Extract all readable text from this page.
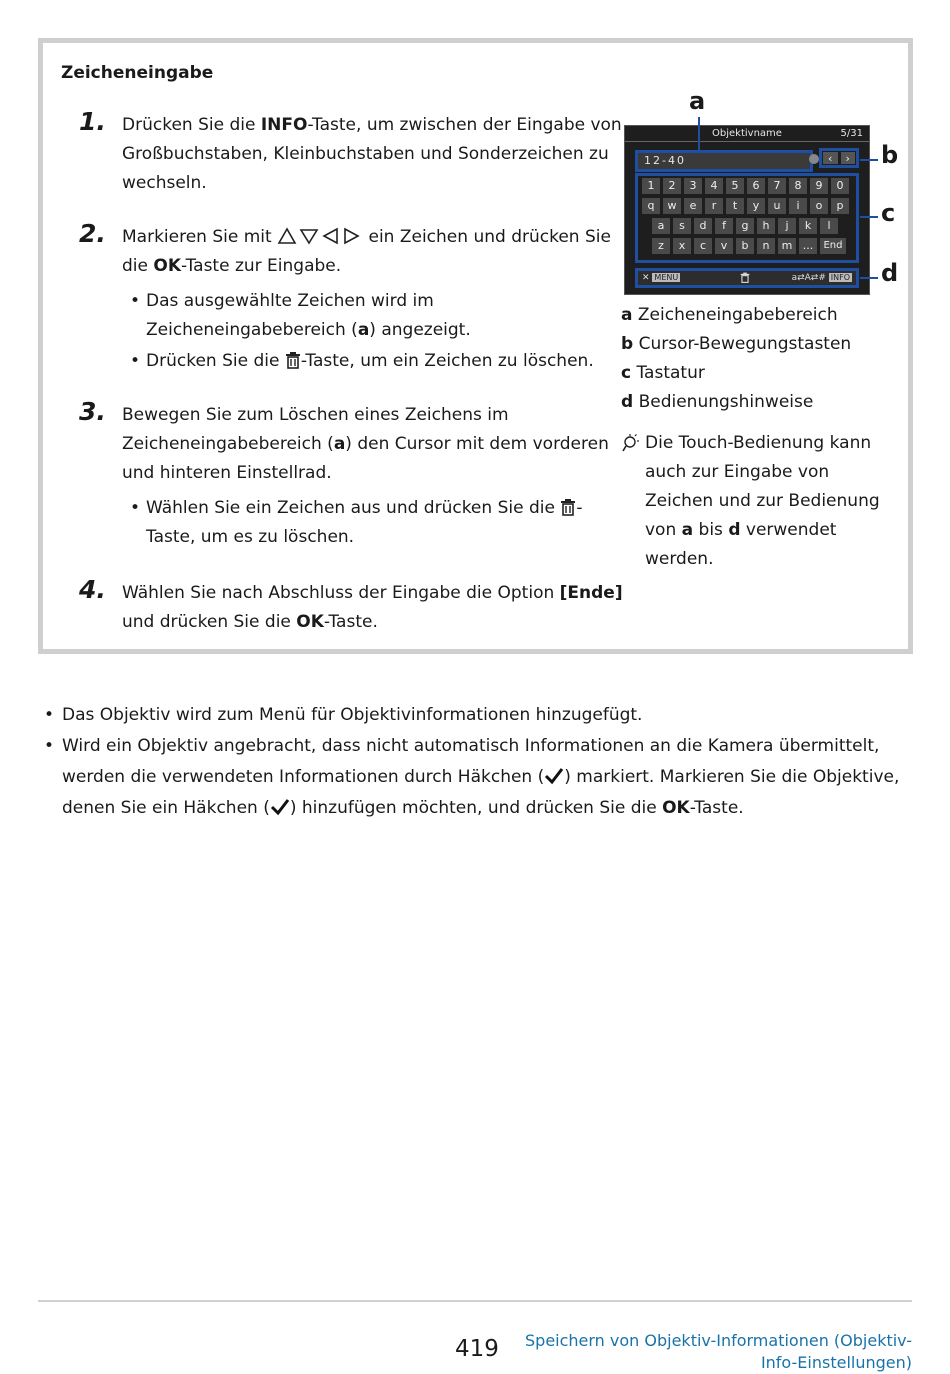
Zeicheneingabe
1. Drücken Sie die INFO-Taste, um zwischen der Eingabe von Großbuchstaben, Kleinbuchstaben und Sonderzeichen zu wechseln.
2. Markieren Sie mit	ein Zeichen und drücken Sie die OK-Taste zur Eingabe.
• Das ausgewählte Zeichen wird im Zeicheneingabebereich (a) angezeigt.
• Drücken Sie die
-Taste, um ein Zeichen zu löschen.
3. Bewegen Sie zum Löschen eines Zeichens im Zeicheneingabebereich (a) den Cursor mit dem vorderen und hinteren Einstellrad.
• Wählen Sie ein Zeichen aus und drücken Sie die
-Taste, um es zu löschen.
4. Wählen Sie nach Abschluss der Eingabe die Option [Ende] und drücken Sie die OK-Taste.
Objektivname	5/31
12-40	‹	›
1	2	3	4	5	6	7	8	9	0
q	w	e	r	t	y	u	i	o	p
a	s	d	f	g	h	j	k	l
z	x	c	v	b	n	m ...	End
✕ MENU	a⇄A⇄# INFO
a
b
c
d
a Zeicheneingabebereich
b Cursor-Bewegungstasten
c Tastatur
d Bedienungshinweise
Die Touch-Bedienung kann auch zur Eingabe von Zeichen und zur Bedienung von a bis d verwendet werden.
• Das Objektiv wird zum Menü für Objektivinformationen hinzugefügt.
• Wird ein Objektiv angebracht, dass nicht automatisch Informationen an die Kamera übermittelt, werden die verwendeten Informationen durch Häkchen ( ) markiert. Markieren Sie die Objektive, denen Sie ein Häkchen ( ) hinzufügen möchten, und drücken Sie die OK-Taste.
419	Speichern von Objektiv-Informationen (Objektiv-Info-Einstellungen)
